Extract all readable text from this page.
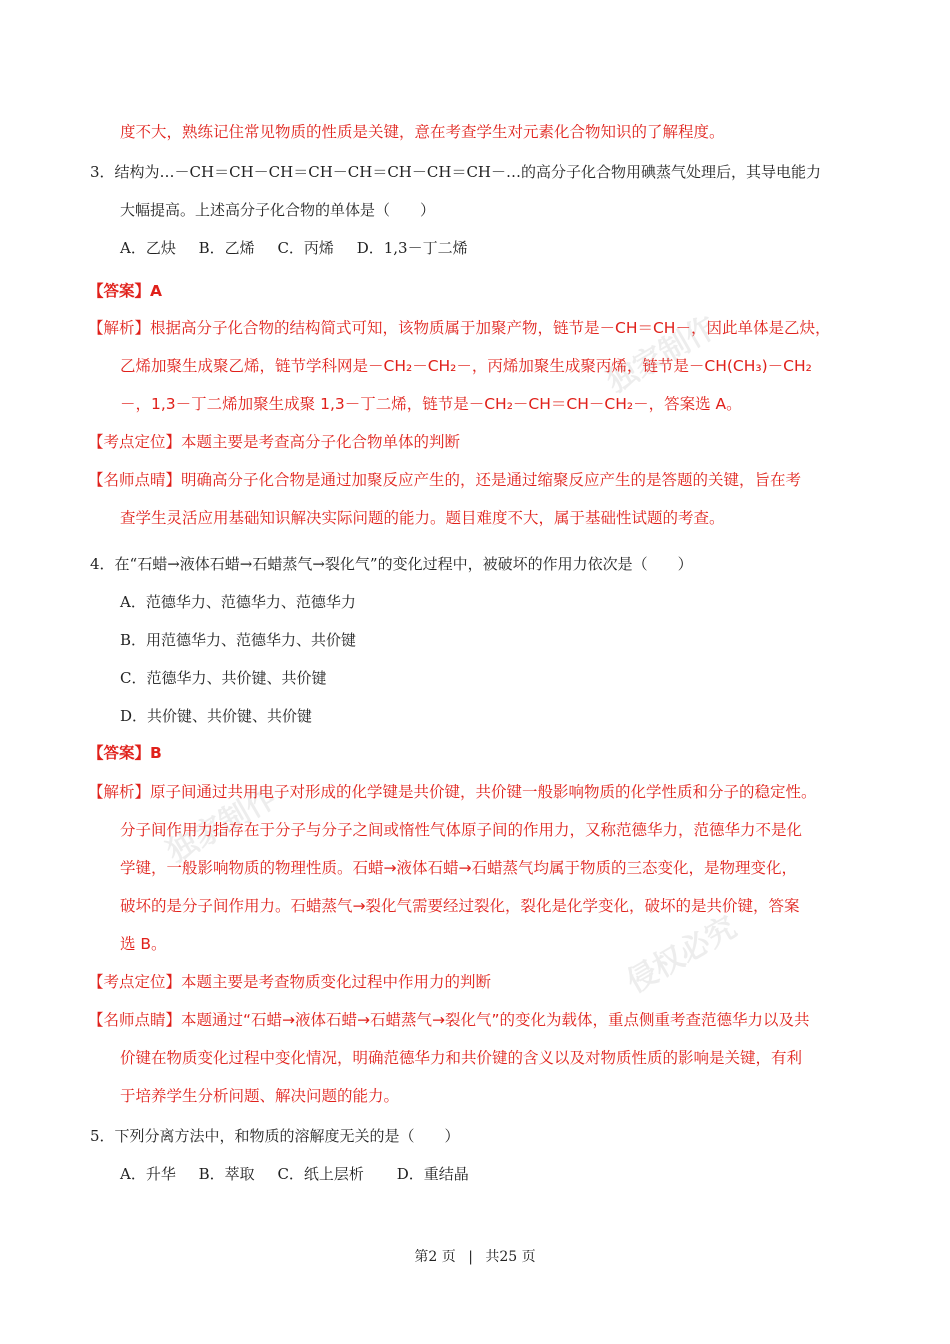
独家制作
独家制作
侵权必究
度不大，熟练记住常见物质的性质是关键，意在考查学生对元素化合物知识的了解程度。
3．结构为…－CH＝CH－CH＝CH－CH＝CH－CH＝CH－…的高分子化合物用碘蒸气处理后，其导电能力
大幅提高。上述高分子化合物的单体是（　　）
A．乙炔 B．乙烯 C．丙烯 D．1,3－丁二烯
【答案】A
【解析】根据高分子化合物的结构简式可知，该物质属于加聚产物，链节是－CH＝CH－，因此单体是乙炔，
乙烯加聚生成聚乙烯，链节学科网是－CH₂－CH₂－，丙烯加聚生成聚丙烯，链节是－CH(CH₃)－CH₂
－，1,3－丁二烯加聚生成聚 1,3－丁二烯，链节是－CH₂－CH＝CH－CH₂－，答案选 A。
【考点定位】本题主要是考查高分子化合物单体的判断
【名师点晴】明确高分子化合物是通过加聚反应产生的，还是通过缩聚反应产生的是答题的关键，旨在考
查学生灵活应用基础知识解决实际问题的能力。题目难度不大，属于基础性试题的考查。
4．在“石蜡→液体石蜡→石蜡蒸气→裂化气”的变化过程中，被破坏的作用力依次是（　　）
A．范德华力、范德华力、范德华力
B．用范德华力、范德华力、共价键
C．范德华力、共价键、共价键
D．共价键、共价键、共价键
【答案】B
【解析】原子间通过共用电子对形成的化学键是共价键，共价键一般影响物质的化学性质和分子的稳定性。
分子间作用力指存在于分子与分子之间或惰性气体原子间的作用力，又称范德华力，范德华力不是化
学键，一般影响物质的物理性质。石蜡→液体石蜡→石蜡蒸气均属于物质的三态变化，是物理变化，
破坏的是分子间作用力。石蜡蒸气→裂化气需要经过裂化，裂化是化学变化，破坏的是共价键，答案
选 B。
【考点定位】本题主要是考查物质变化过程中作用力的判断
【名师点睛】本题通过“石蜡→液体石蜡→石蜡蒸气→裂化气”的变化为载体，重点侧重考查范德华力以及共
价键在物质变化过程中变化情况，明确范德华力和共价键的含义以及对物质性质的影响是关键，有利
于培养学生分析问题、解决问题的能力。
5．下列分离方法中，和物质的溶解度无关的是（　　）
A．升华 B．萃取 C．纸上层析 D．重结晶
第2 页 | 共25 页
